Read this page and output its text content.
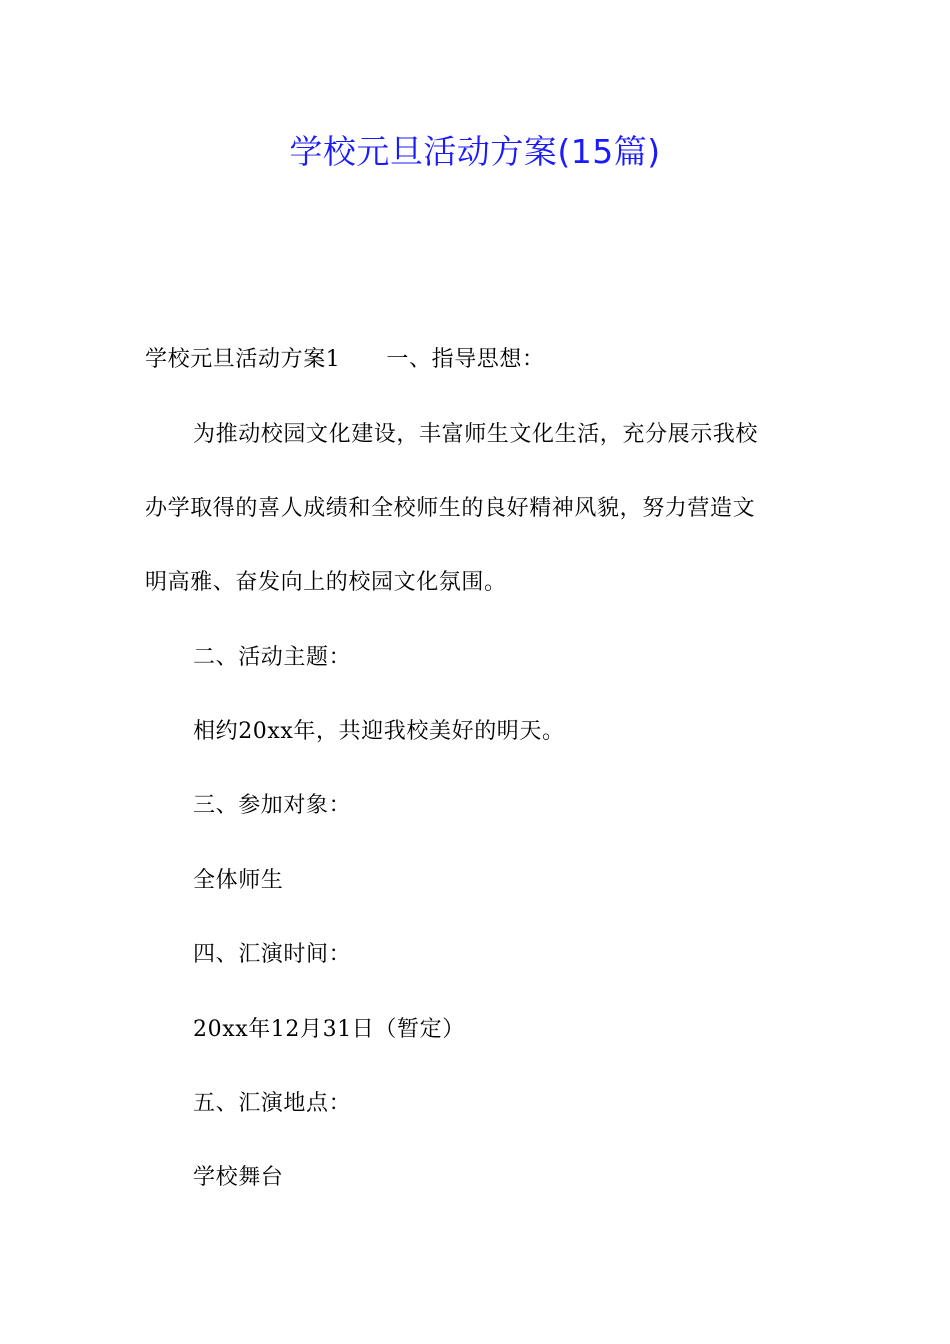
学校元旦活动方案(15篇)
学校元旦活动方案1 一、指导思想：
为推动校园文化建设，丰富师生文化生活，充分展示我校
办学取得的喜人成绩和全校师生的良好精神风貌，努力营造文
明高雅、奋发向上的校园文化氛围。
二、活动主题：
相约20xx年，共迎我校美好的明天。
三、参加对象：
全体师生
四、汇演时间：
20xx年12月31日（暂定）
五、汇演地点：
学校舞台
